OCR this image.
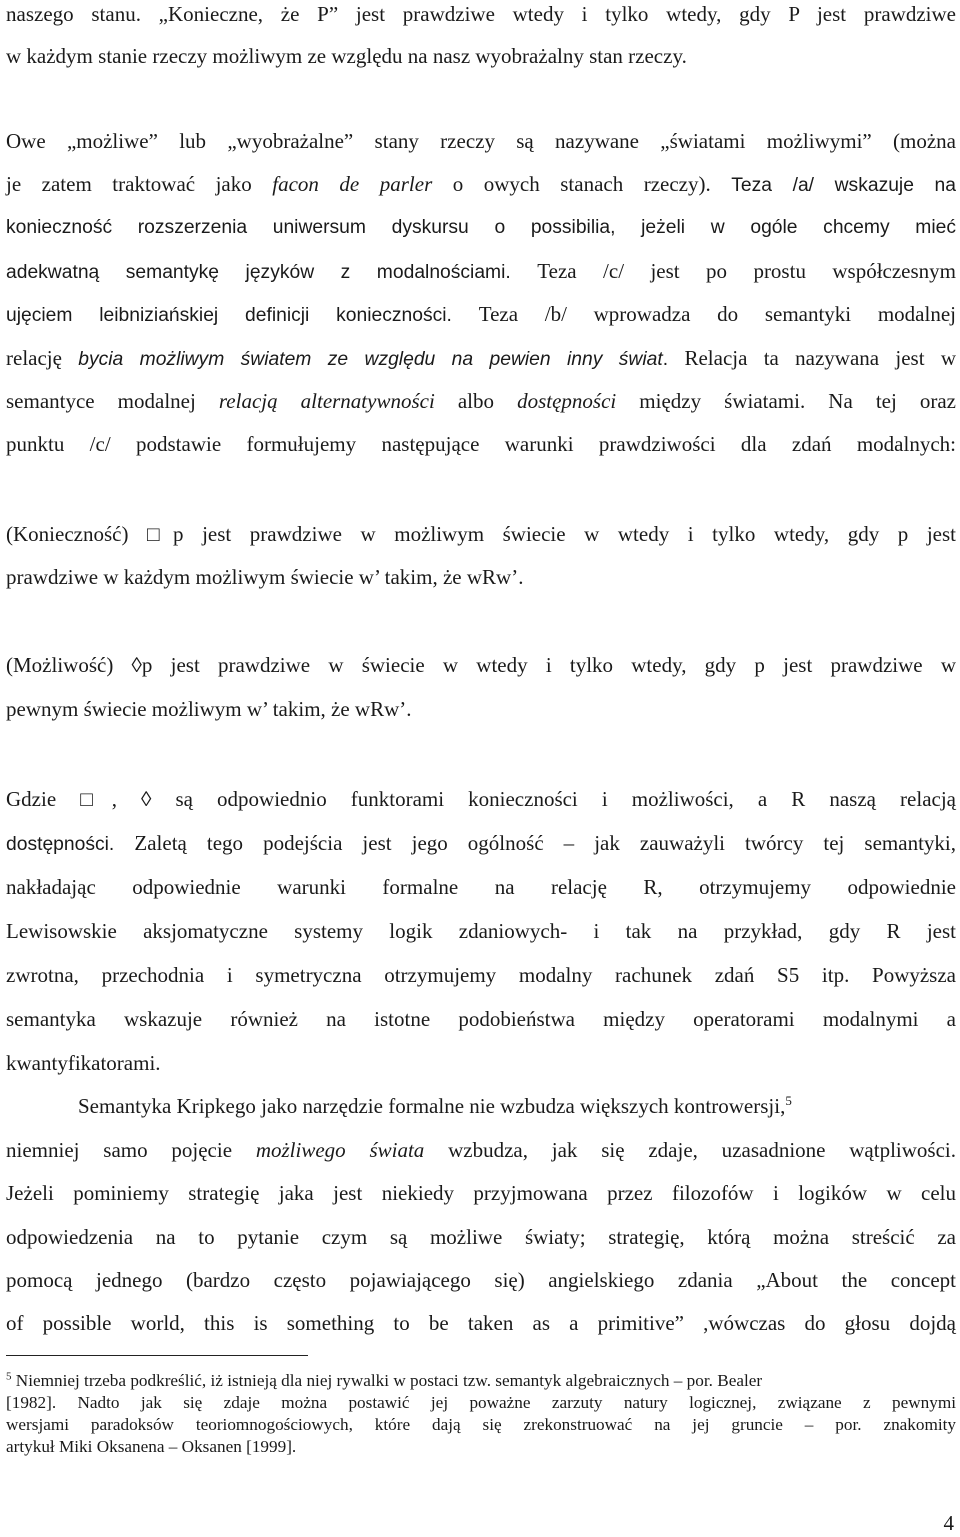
naszego stanu. „Konieczne, że P” jest prawdziwe wtedy i tylko wtedy, gdy P jest prawdziwe
w każdym stanie rzeczy możliwym ze względu na nasz wyobrażalny stan rzeczy.
Owe „możliwe” lub „wyobrażalne” stany rzeczy są nazywane „światami możliwymi” (można
je zatem traktować jako facon de parler o owych stanach rzeczy). Teza /a/ wskazuje na
konieczność rozszerzenia uniwersum dyskursu o possibilia, jeżeli w ogóle chcemy mieć
adekwatną semantykę języków z modalnościami. Teza /c/ jest po prostu współczesnym
ujęciem leibniziańskiej definicji konieczności. Teza /b/ wprowadza do semantyki modalnej
relację bycia możliwym światem ze względu na pewien inny świat. Relacja ta nazywana jest w
semantyce modalnej relacją alternatywności albo dostępności między światami. Na tej oraz
punktu /c/ podstawie formułujemy następujące warunki prawdziwości dla zdań modalnych:
(Konieczność) □p jest prawdziwe w możliwym świecie w wtedy i tylko wtedy, gdy p jest
prawdziwe w każdym możliwym świecie w’ takim, że wRw’.
(Możliwość) ◊p jest prawdziwe w świecie w wtedy i tylko wtedy, gdy p jest prawdziwe w
pewnym świecie możliwym w’ takim, że wRw’.
Gdzie □, ◊ są odpowiednio funktorami konieczności i możliwości, a R naszą relacją
dostępności. Zaletą tego podejścia jest jego ogólność – jak zauważyli twórcy tej semantyki,
nakładając odpowiednie warunki formalne na relację R, otrzymujemy odpowiednie
Lewisowskie aksjomatyczne systemy logik zdaniowych- i tak na przykład, gdy R jest
zwrotna, przechodnia i symetryczna otrzymujemy modalny rachunek zdań S5 itp. Powyższa
semantyka wskazuje również na istotne podobieństwa między operatorami modalnymi a
kwantyfikatorami.
Semantyka Kripkego jako narzędzie formalne nie wzbudza większych kontrowersji,$^5$
niemniej samo pojęcie możliwego świata wzbudza, jak się zdaje, uzasadnione wątpliwości.
Jeżeli pominiemy strategię jaka jest niekiedy przyjmowana przez filozofów i logików w celu
odpowiedzenia na to pytanie czym są możliwe światy; strategię, którą można streścić za
pomocą jednego (bardzo często pojawiającego się) angielskiego zdania „About the concept
of possible world, this is something to be taken as a primitive” ,wówczas do głosu dojdą
$^5$ Niemniej trzeba podkreślić, iż istnieją dla niej rywalki w postaci tzw. semantyk algebraicznych – por. Bealer
[1982]. Nadto jak się zdaje można postawić jej poważne zarzuty natury logicznej, związane z pewnymi
wersjami paradoksów teoriomnogościowych, które dają się zrekonstruować na jej gruncie – por. znakomity
artykuł Miki Oksanena – Oksanen [1999].
4
